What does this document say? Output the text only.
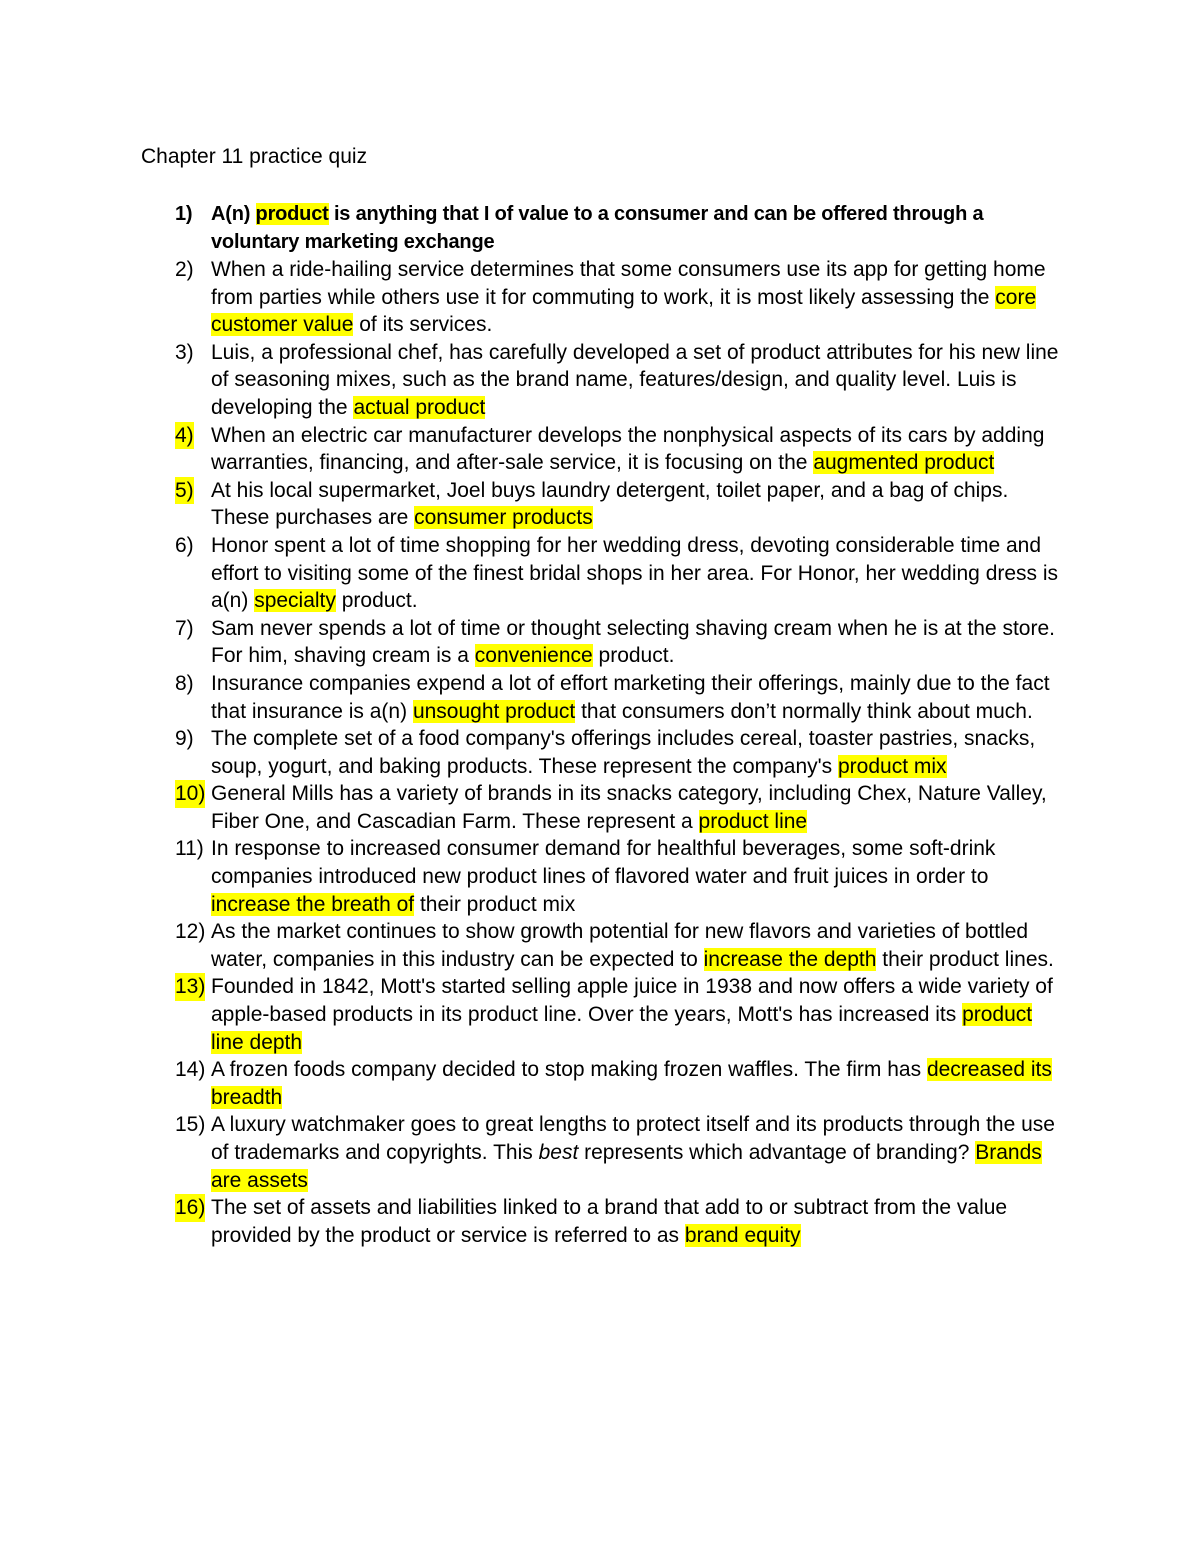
Chapter 11 practice quiz
1) A(n) product is anything that I of value to a consumer and can be offered through a voluntary marketing exchange
2) When a ride-hailing service determines that some consumers use its app for getting home from parties while others use it for commuting to work, it is most likely assessing the core customer value of its services.
3) Luis, a professional chef, has carefully developed a set of product attributes for his new line of seasoning mixes, such as the brand name, features/design, and quality level. Luis is developing the actual product
4) When an electric car manufacturer develops the nonphysical aspects of its cars by adding warranties, financing, and after-sale service, it is focusing on the augmented product
5) At his local supermarket, Joel buys laundry detergent, toilet paper, and a bag of chips. These purchases are consumer products
6) Honor spent a lot of time shopping for her wedding dress, devoting considerable time and effort to visiting some of the finest bridal shops in her area. For Honor, her wedding dress is a(n) specialty product.
7) Sam never spends a lot of time or thought selecting shaving cream when he is at the store. For him, shaving cream is a convenience product.
8) Insurance companies expend a lot of effort marketing their offerings, mainly due to the fact that insurance is a(n) unsought product that consumers don’t normally think about much.
9) The complete set of a food company's offerings includes cereal, toaster pastries, snacks, soup, yogurt, and baking products. These represent the company's product mix
10) General Mills has a variety of brands in its snacks category, including Chex, Nature Valley, Fiber One, and Cascadian Farm. These represent a product line
11) In response to increased consumer demand for healthful beverages, some soft-drink companies introduced new product lines of flavored water and fruit juices in order to increase the breath of their product mix
12) As the market continues to show growth potential for new flavors and varieties of bottled water, companies in this industry can be expected to increase the depth their product lines.
13) Founded in 1842, Mott's started selling apple juice in 1938 and now offers a wide variety of apple-based products in its product line. Over the years, Mott's has increased its product line depth
14) A frozen foods company decided to stop making frozen waffles. The firm has decreased its breadth
15) A luxury watchmaker goes to great lengths to protect itself and its products through the use of trademarks and copyrights. This best represents which advantage of branding? Brands are assets
16) The set of assets and liabilities linked to a brand that add to or subtract from the value provided by the product or service is referred to as brand equity
